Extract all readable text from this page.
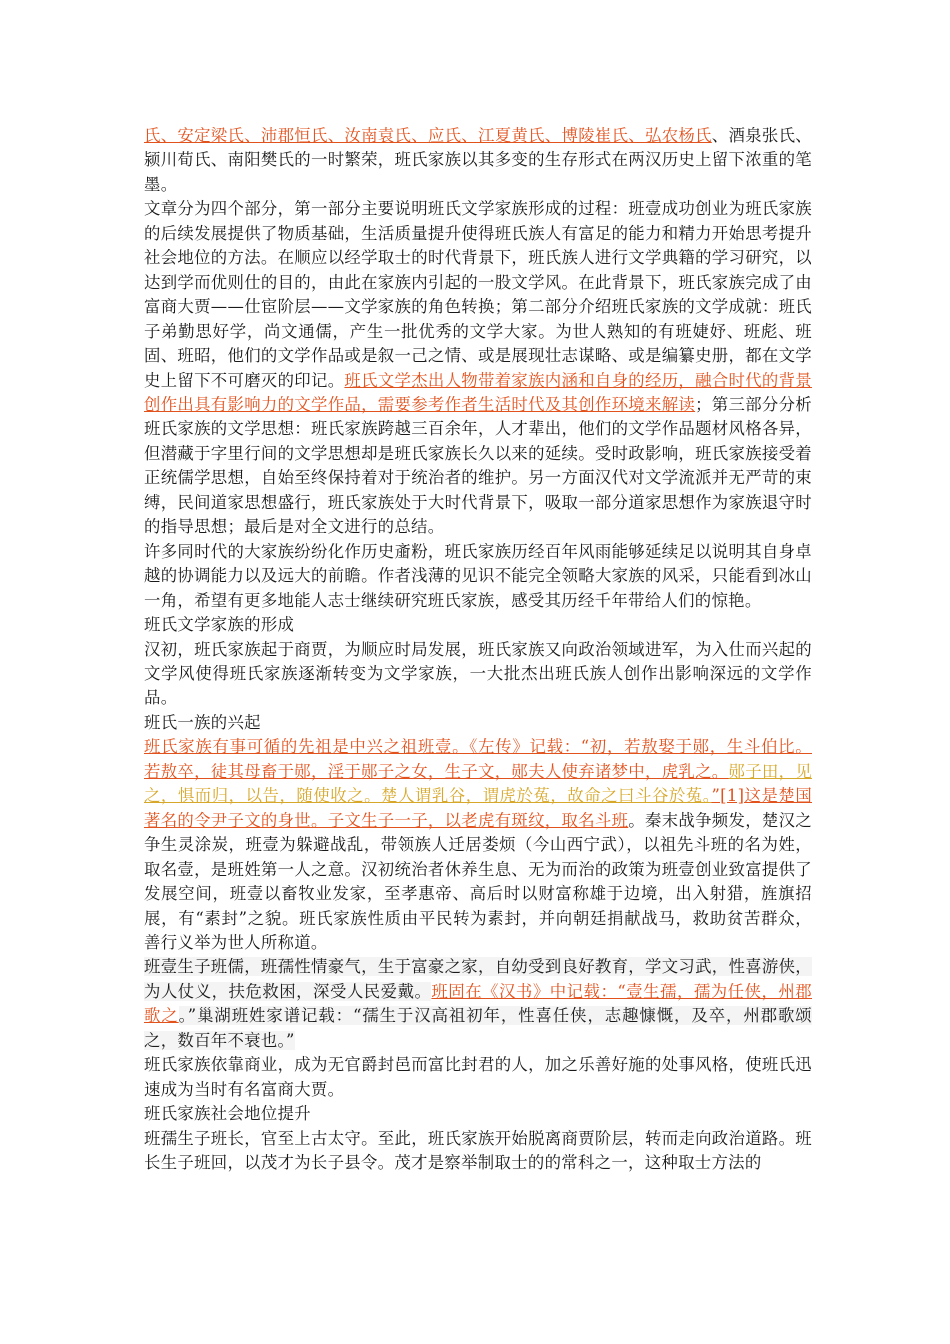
氏、安定梁氏、沛郡恒氏、汝南袁氏、应氏、江夏黄氏、博陵崔氏、弘农杨氏、酒泉张氏、颍川荀氏、南阳樊氏的一时繁荣，班氏家族以其多变的生存形式在两汉历史上留下浓重的笔墨。

文章分为四个部分，第一部分主要说明班氏文学家族形成的过程：班壹成功创业为班氏家族的后续发展提供了物质基础，生活质量提升使得班氏族人有富足的能力和精力开始思考提升社会地位的方法。在顺应以经学取士的时代背景下，班氏族人进行文学典籍的学习研究，以达到学而优则仕的目的，由此在家族内引起的一股文学风。在此背景下，班氏家族完成了由富商大贾——仕宦阶层——文学家族的角色转换；第二部分介绍班氏家族的文学成就：班氏子弟勤思好学，尚文通儒，产生一批优秀的文学大家。为世人熟知的有班婕妤、班彪、班固、班昭，他们的文学作品或是叙一己之情、或是展现壮志谋略、或是编纂史册，都在文学史上留下不可磨灭的印记。班氏文学杰出人物带着家族内涵和自身的经历，融合时代的背景创作出具有影响力的文学作品，需要参考作者生活时代及其创作环境来解读；第三部分分析班氏家族的文学思想：班氏家族跨越三百余年，人才辈出，他们的文学作品题材风格各异，但潜藏于字里行间的文学思想却是班氏家族长久以来的延续。受时政影响，班氏家族接受着正统儒学思想，自始至终保持着对于统治者的维护。另一方面汉代对文学流派并无严苛的束缚，民间道家思想盛行，班氏家族处于大时代背景下，吸取一部分道家思想作为家族退守时的指导思想；最后是对全文进行的总结。

许多同时代的大家族纷纷化作历史齑粉，班氏家族历经百年风雨能够延续足以说明其自身卓越的协调能力以及远大的前瞻。作者浅薄的见识不能完全领略大家族的风采，只能看到冰山一角，希望有更多地能人志士继续研究班氏家族，感受其历经千年带给人们的惊艳。

班氏文学家族的形成

汉初，班氏家族起于商贾，为顺应时局发展，班氏家族又向政治领域进军，为入仕而兴起的文学风使得班氏家族逐渐转变为文学家族，一大批杰出班氏族人创作出影响深远的文学作品。

班氏一族的兴起

班氏家族有事可循的先祖是中兴之祖班壹。《左传》记载：“初，若敖娶于郧，生斗伯比。若敖卒，徒其母畜于郧，淫于郧子之女，生子文，郧夫人使弃诸梦中，虎乳之。郧子田，见之，惧而归，以告，随使收之。楚人谓乳谷，谓虎於菟，故命之曰斗谷於菟。”[1]这是楚国著名的令尹子文的身世。子文生子一子，以老虎有斑纹，取名斗班。秦末战争频发，楚汉之争生灵涂炭，班壹为躲避战乱，带领族人迁居娄烦（今山西宁武），以祖先斗班的名为姓，取名壹，是班姓第一人之意。汉初统治者休养生息、无为而治的政策为班壹创业致富提供了发展空间，班壹以畜牧业发家，至孝惠帝、高后时以财富称雄于边境，出入射猎，旌旗招展，有“素封”之貌。班氏家族性质由平民转为素封，并向朝廷捐献战马，救助贫苦群众，善行义举为世人所称道。

班壹生子班儒，班孺性情豪气，生于富豪之家，自幼受到良好教育，学文习武，性喜游侠，为人仗义，扶危救困，深受人民爱戴。班固在《汉书》中记载：“壹生孺，孺为任侠，州郡歌之。”巢湖班姓家谱记载：“孺生于汉高祖初年，性喜任侠，志趣慷慨，及卒，州郡歌颂之，数百年不衰也。”

班氏家族依靠商业，成为无官爵封邑而富比封君的人，加之乐善好施的处事风格，使班氏迅速成为当时有名富商大贾。

班氏家族社会地位提升

班孺生子班长，官至上古太守。至此，班氏家族开始脱离商贾阶层，转而走向政治道路。班长生子班回，以茂才为长子县令。茂才是察举制取士的的常科之一，这种取士方法的
